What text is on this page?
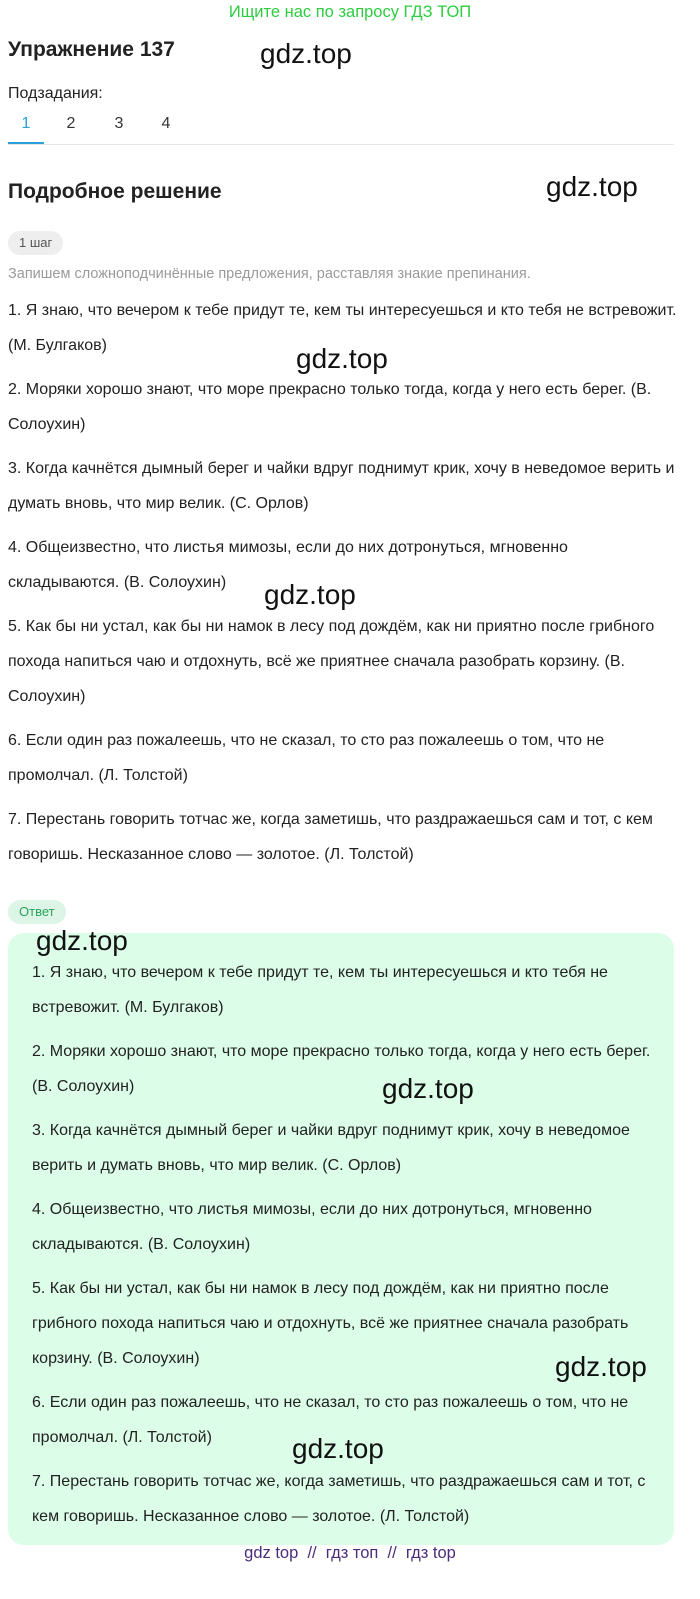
Ищите нас по запросу ГДЗ ТОП
Упражнение 137
Подзадания:
1	2	3	4
Подробное решение
1 шаг

Запишем сложноподчинённые предложения, расставляя знакие препинания.

1. Я знаю, что вечером к тебе придут те, кем ты интересуешься и кто тебя не встревожит. (М. Булгаков)
2. Моряки хорошо знают, что море прекрасно только тогда, когда у него есть берег. (В. Солоухин)
3. Когда качнётся дымный берег и чайки вдруг поднимут крик, хочу в неведомое верить и думать вновь, что мир велик. (С. Орлов)
4. Общеизвестно, что листья мимозы, если до них дотронуться, мгновенно складываются. (В. Солоухин)
5. Как бы ни устал, как бы ни намок в лесу под дождём, как ни приятно после грибного похода напиться чаю и отдохнуть, всё же приятнее сначала разобрать корзину. (В. Солоухин)
6. Если один раз пожалеешь, что не сказал, то сто раз пожалеешь о том, что не промолчал. (Л. Толстой)
7. Перестань говорить тотчас же, когда заметишь, что раздражаешься сам и тот, с кем говоришь. Несказанное слово — золотое. (Л. Толстой)
Ответ
1. Я знаю, что вечером к тебе придут те, кем ты интересуешься и кто тебя не встревожит. (М. Булгаков)
2. Моряки хорошо знают, что море прекрасно только тогда, когда у него есть берег. (В. Солоухин)
3. Когда качнётся дымный берег и чайки вдруг поднимут крик, хочу в неведомое верить и думать вновь, что мир велик. (С. Орлов)
4. Общеизвестно, что листья мимозы, если до них дотронуться, мгновенно складываются. (В. Солоухин)
5. Как бы ни устал, как бы ни намок в лесу под дождём, как ни приятно после грибного похода напиться чаю и отдохнуть, всё же приятнее сначала разобрать корзину. (В. Солоухин)
6. Если один раз пожалеешь, что не сказал, то сто раз пожалеешь о том, что не промолчал. (Л. Толстой)
7. Перестань говорить тотчас же, когда заметишь, что раздражаешься сам и тот, с кем говоришь. Несказанное слово — золотое. (Л. Толстой)
gdz.top
gdz.top
gdz.top
gdz.top
gdz.top
gdz.top
gdz.top
gdz.top
gdz top  //  гдз топ  //  гдз top
